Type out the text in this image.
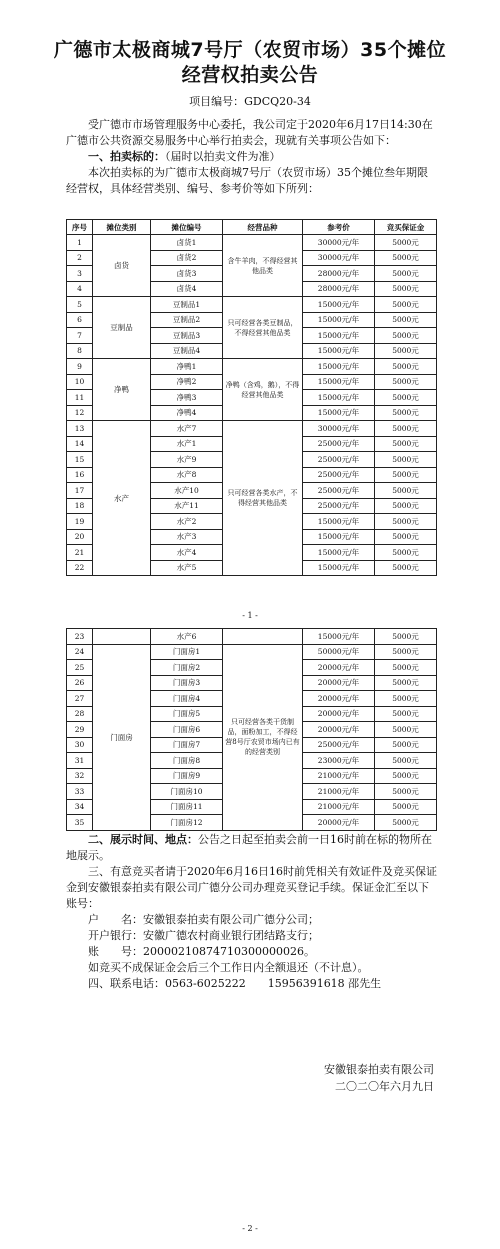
广德市太极商城7号厅（农贸市场）35个摊位
经营权拍卖公告
项目编号：GDCQ20-34

受广德市市场管理服务中心委托，我公司定于2020年6月17日14:30在广德市公共资源交易服务中心举行拍卖会，现就有关事项公告如下：

一、拍卖标的：（届时以拍卖文件为准）

本次拍卖标的为广德市太极商城7号厅（农贸市场）35个摊位叁年期限经营权，具体经营类别、编号、参考价等如下所列：

序号	摊位类别	摊位编号	经营品种	参考价	竞买保证金
1	卤货	卤货1	含牛羊肉，不得经营其他品类	30000元/年	5000元
2		卤货2		30000元/年	5000元
3		卤货3		28000元/年	5000元
4		卤货4		28000元/年	5000元
5	豆制品	豆制品1	只可经营各类豆制品，不得经营其他品类	15000元/年	5000元
6		豆制品2		15000元/年	5000元
7		豆制品3		15000元/年	5000元
8		豆制品4		15000元/年	5000元
9	净鸭	净鸭1	净鸭（含鸡，鹅），不得经营其他品类	15000元/年	5000元
10		净鸭2		15000元/年	5000元
11		净鸭3		15000元/年	5000元
12		净鸭4		15000元/年	5000元
13	水产	水产7	只可经营各类水产，不得经营其他品类	30000元/年	5000元
14		水产1		25000元/年	5000元
15		水产9		25000元/年	5000元
16		水产8		25000元/年	5000元
17		水产10		25000元/年	5000元
18		水产11		25000元/年	5000元
19		水产2		15000元/年	5000元
20		水产3		15000元/年	5000元
21		水产4		15000元/年	5000元
22		水产5		15000元/年	5000元
- 1 -
23		水产6		15000元/年	5000元
24	门面房	门面房1	只可经营各类干货制品，面粉加工，不得经营8号厅农贸市场内已有的经营类别	50000元/年	5000元
25		门面房2		20000元/年	5000元
26		门面房3		20000元/年	5000元
27		门面房4		20000元/年	5000元
28		门面房5		20000元/年	5000元
29		门面房6		20000元/年	5000元
30		门面房7		25000元/年	5000元
31		门面房8		23000元/年	5000元
32		门面房9		21000元/年	5000元
33		门面房10		21000元/年	5000元
34		门面房11		21000元/年	5000元
35		门面房12		20000元/年	5000元

二、展示时间、地点：公告之日起至拍卖会前一日16时前在标的物所在地展示。

三、有意竞买者请于2020年6月16日16时前凭相关有效证件及竞买保证金到安徽银泰拍卖有限公司广德分公司办理竞买登记手续。保证金汇至以下账号：

户　　名：安徽银泰拍卖有限公司广德分公司；

开户银行：安徽广德农村商业银行团结路支行；

账　　号：20000210874710300000026。

如竞买不成保证金会后三个工作日内全额退还（不计息）。

四、联系电话：0563-6025222　　15956391618 邵先生

安徽银泰拍卖有限公司
二〇二〇年六月九日
- 2 -
